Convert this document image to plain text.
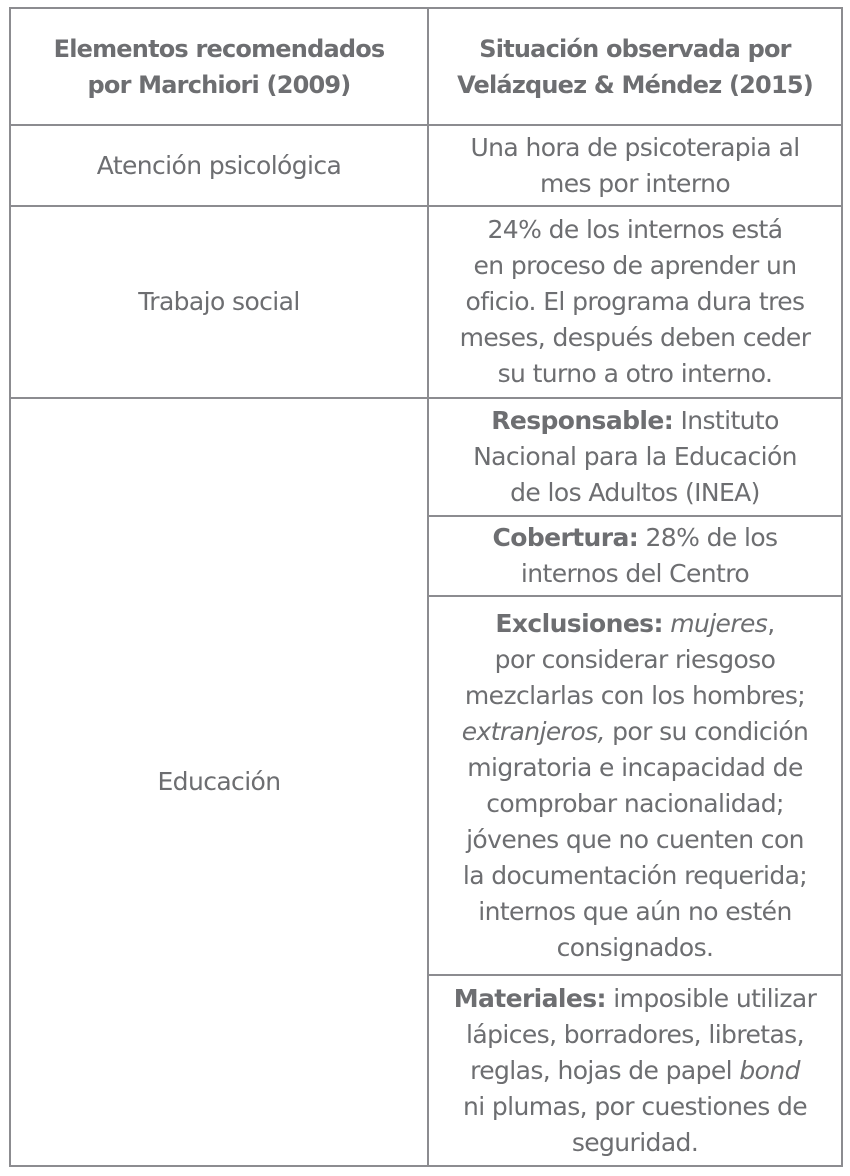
Elementos recomendados
por Marchiori (2009)
Situación observada por
Velázquez & Méndez (2015)
Atención psicológica
Una hora de psicoterapia al
mes por interno
Trabajo social
24% de los internos está
en proceso de aprender un
oficio. El programa dura tres
meses, después deben ceder
su turno a otro interno.
Educación
Responsable: Instituto
Nacional para la Educación
de los Adultos (INEA)
Cobertura: 28% de los
internos del Centro
Exclusiones: mujeres,
por considerar riesgoso
mezclarlas con los hombres;
extranjeros, por su condición
migratoria e incapacidad de
comprobar nacionalidad;
jóvenes que no cuenten con
la documentación requerida;
internos que aún no estén
consignados.
Materiales: imposible utilizar
lápices, borradores, libretas,
reglas, hojas de papel bond
ni plumas, por cuestiones de
seguridad.
